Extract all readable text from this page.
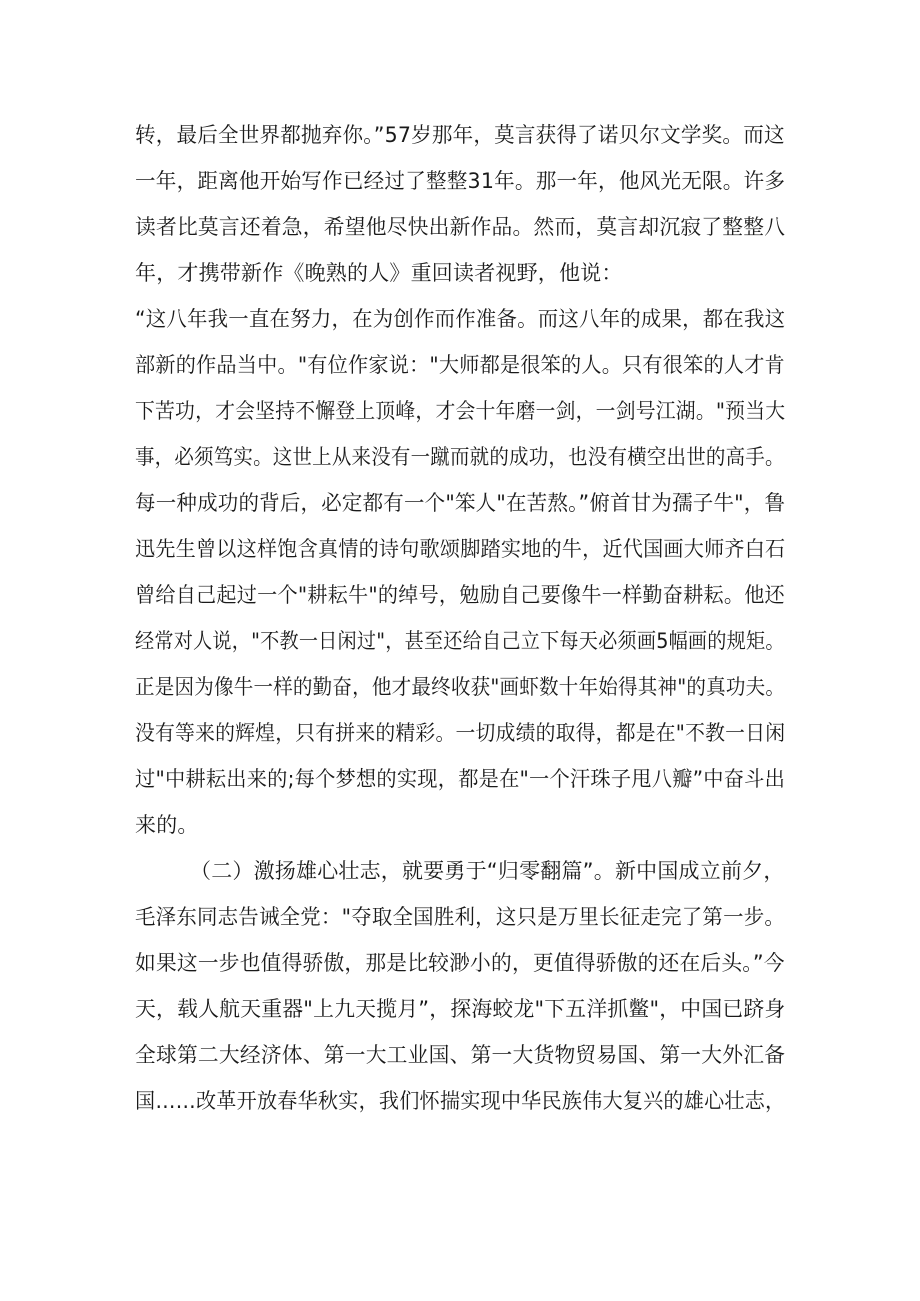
转，最后全世界都抛弃你。”57岁那年，莫言获得了诺贝尔文学奖。而这
一年，距离他开始写作已经过了整整31年。那一年，他风光无限。许多
读者比莫言还着急，希望他尽快出新作品。然而，莫言却沉寂了整整八
年，才携带新作《晚熟的人》重回读者视野，他说：
“这八年我一直在努力，在为创作而作准备。而这八年的成果，都在我这
部新的作品当中。"有位作家说："大师都是很笨的人。只有很笨的人才肯
下苦功，才会坚持不懈登上顶峰，才会十年磨一剑，一剑号江湖。"预当大
事，必须笃实。这世上从来没有一蹴而就的成功，也没有横空出世的高手。
每一种成功的背后，必定都有一个"笨人"在苦熬。”俯首甘为孺子牛"，鲁
迅先生曾以这样饱含真情的诗句歌颂脚踏实地的牛，近代国画大师齐白石
曾给自己起过一个"耕耘牛"的绰号，勉励自己要像牛一样勤奋耕耘。他还
经常对人说，"不教一日闲过"，甚至还给自己立下每天必须画5幅画的规矩。
正是因为像牛一样的勤奋，他才最终收获"画虾数十年始得其神"的真功夫。
没有等来的辉煌，只有拼来的精彩。一切成绩的取得，都是在"不教一日闲
过"中耕耘出来的;每个梦想的实现，都是在"一个汗珠子甩八瓣”中奋斗出
来的。
（二）激扬雄心壮志，就要勇于“归零翻篇”。新中国成立前夕，
毛泽东同志告诫全党："夺取全国胜利，这只是万里长征走完了第一步。
如果这一步也值得骄傲，那是比较渺小的，更值得骄傲的还在后头。”今
天，载人航天重器"上九天揽月”，探海蛟龙"下五洋抓鳖"，中国已跻身
全球第二大经济体、第一大工业国、第一大货物贸易国、第一大外汇备
国……改革开放春华秋实，我们怀揣实现中华民族伟大复兴的雄心壮志，
